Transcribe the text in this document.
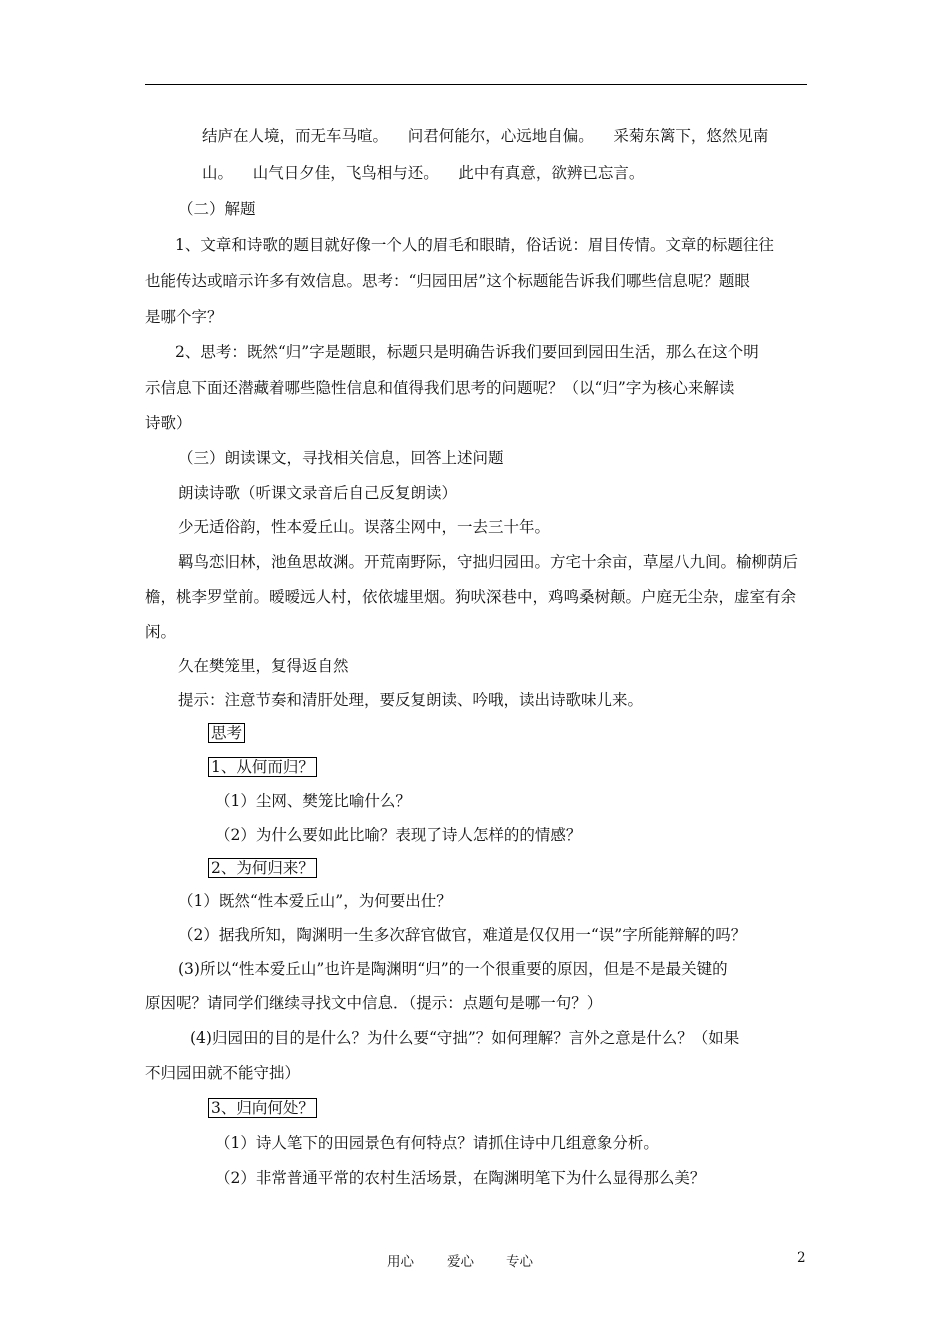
结庐在人境，而无车马喧。    问君何能尔，心远地自偏。    采菊东篱下，悠然见南
山。    山气日夕佳，飞鸟相与还。    此中有真意，欲辨已忘言。
（二）解题
1、文章和诗歌的题目就好像一个人的眉毛和眼睛，俗话说：眉目传情。文章的标题往往
也能传达或暗示许多有效信息。思考：“归园田居”这个标题能告诉我们哪些信息呢？题眼
是哪个字？
2、思考：既然“归”字是题眼，标题只是明确告诉我们要回到园田生活，那么在这个明
示信息下面还潜藏着哪些隐性信息和值得我们思考的问题呢？（以“归”字为核心来解读
诗歌）
（三）朗读课文，寻找相关信息，回答上述问题
朗读诗歌（听课文录音后自己反复朗读）
少无适俗韵，性本爱丘山。误落尘网中，一去三十年。
羁鸟恋旧林，池鱼思故渊。开荒南野际，守拙归园田。方宅十余亩，草屋八九间。榆柳荫后
檐，桃李罗堂前。暧暧远人村，依依墟里烟。狗吠深巷中，鸡鸣桑树颠。户庭无尘杂，虚室有余
闲。
久在樊笼里，复得返自然
提示：注意节奏和清肝处理，要反复朗读、吟哦，读出诗歌味儿来。
思考
1、从何而归？
（1）尘网、樊笼比喻什么？
（2）为什么要如此比喻？表现了诗人怎样的的情感？
2、为何归来？
（1）既然“性本爱丘山”，为何要出仕？
（2）据我所知，陶渊明一生多次辞官做官，难道是仅仅用一“误”字所能辩解的吗？
(3)所以“性本爱丘山”也许是陶渊明“归”的一个很重要的原因，但是不是最关键的
原因呢？请同学们继续寻找文中信息．（提示：点题句是哪一句？）
(4)归园田的目的是什么？为什么要“守拙”？如何理解？言外之意是什么？（如果
不归园田就不能守拙）
3、归向何处？
（1）诗人笔下的田园景色有何特点？请抓住诗中几组意象分析。
（2）非常普通平常的农村生活场景，在陶渊明笔下为什么显得那么美？
用心 爱心 专心	2
